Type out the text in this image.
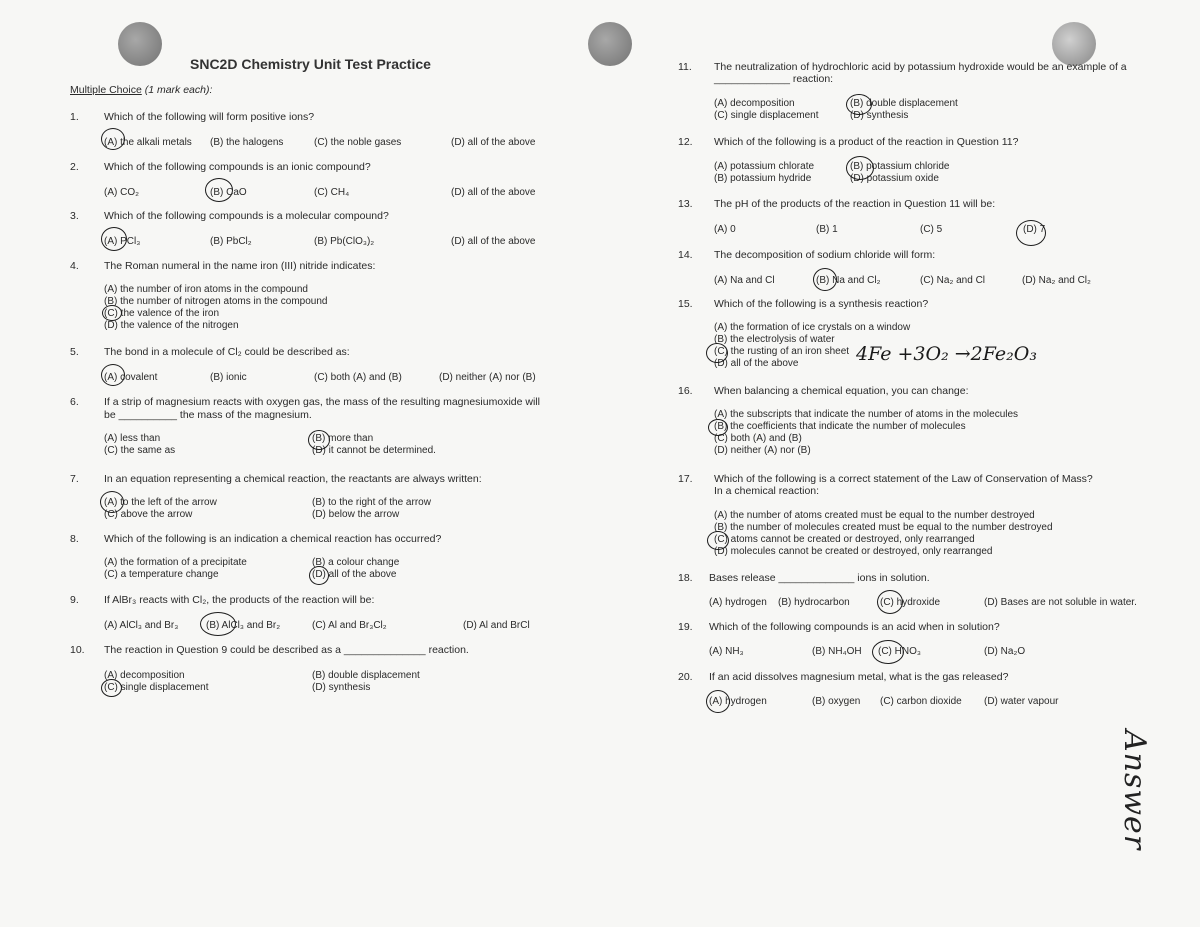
SNC2D Chemistry Unit Test Practice
Multiple Choice (1 mark each):
1. Which of the following will form positive ions?
(A) the alkali metals (B) the halogens	(C) the noble gases	(D) all of the above
2. Which of the following compounds is an ionic compound?
(A) CO₂	(B) CaO	(C) CH₄	(D) all of the above
3. Which of the following compounds is a molecular compound?
(A) PCl₃	(B) PbCl₂	(B) Pb(ClO₃)₂	(D) all of the above
4. The Roman numeral in the name iron (III) nitride indicates:
(A) the number of iron atoms in the compound
(B) the number of nitrogen atoms in the compound
(C) the valence of the iron
(D) the valence of the nitrogen
5. The bond in a molecule of Cl₂ could be described as:
(A) covalent	(B) ionic	(C) both (A) and (B)	(D) neither (A) nor (B)
6. If a strip of magnesium reacts with oxygen gas, the mass of the resulting magnesiumoxide will
be __________ the mass of the magnesium.
(A) less than
(C) the same as
(B) more than
(D) it cannot be determined.
7. In an equation representing a chemical reaction, the reactants are always written:
(A) to the left of the arrow
(C) above the arrow
(B) to the right of the arrow
(D) below the arrow
8. Which of the following is an indication a chemical reaction has occurred?
(A) the formation of a precipitate
(C) a temperature change
(B) a colour change
(D) all of the above
9. If AlBr₃ reacts with Cl₂, the products of the reaction will be:
(A) AlCl₃ and Br₃	(B) AlCl₃ and Br₂	(C) Al and Br₃Cl₂	(D) Al and BrCl
10. The reaction in Question 9 could be described as a ______________ reaction.
(A) decomposition
(C) single displacement
(B) double displacement
(D) synthesis
11. The neutralization of hydrochloric acid by potassium hydroxide would be an example of a
_____________ reaction:
(A) decomposition
(C) single displacement
(B) double displacement
(D) synthesis
12. Which of the following is a product of the reaction in Question 11?
(A) potassium chlorate
(B) potassium hydride
(B) potassium chloride
(D) potassium oxide
13. The pH of the products of the reaction in Question 11 will be:
(A) 0	(B) 1	(C) 5	(D) 7
14. The decomposition of sodium chloride will form:
(A) Na and Cl	(B) Na and Cl₂	(C) Na₂ and Cl	(D) Na₂ and Cl₂
15. Which of the following is a synthesis reaction?
(A) the formation of ice crystals on a window
(B) the electrolysis of water
(C) the rusting of an iron sheet
(D) all of the above	4Fe +3O₂ →2Fe₂O₃
16. When balancing a chemical equation, you can change:
(A) the subscripts that indicate the number of atoms in the molecules
(B) the coefficients that indicate the number of molecules
(C) both (A) and (B)
(D) neither (A) nor (B)
17. Which of the following is a correct statement of the Law of Conservation of Mass?
In a chemical reaction:
(A) the number of atoms created must be equal to the number destroyed
(B) the number of molecules created must be equal to the number destroyed
(C) atoms cannot be created or destroyed, only rearranged
(D) molecules cannot be created or destroyed, only rearranged
18. Bases release _____________ ions in solution.
(A) hydrogen (B) hydrocarbon	(C) hydroxide	(D) Bases are not soluble in water.
19. Which of the following compounds is an acid when in solution?
(A) NH₃	(B) NH₄OH (C) HNO₃	(D) Na₂O
20. If an acid dissolves magnesium metal, what is the gas released?
(A) hydrogen	(B) oxygen (C) carbon dioxide (D) water vapour
Answer
